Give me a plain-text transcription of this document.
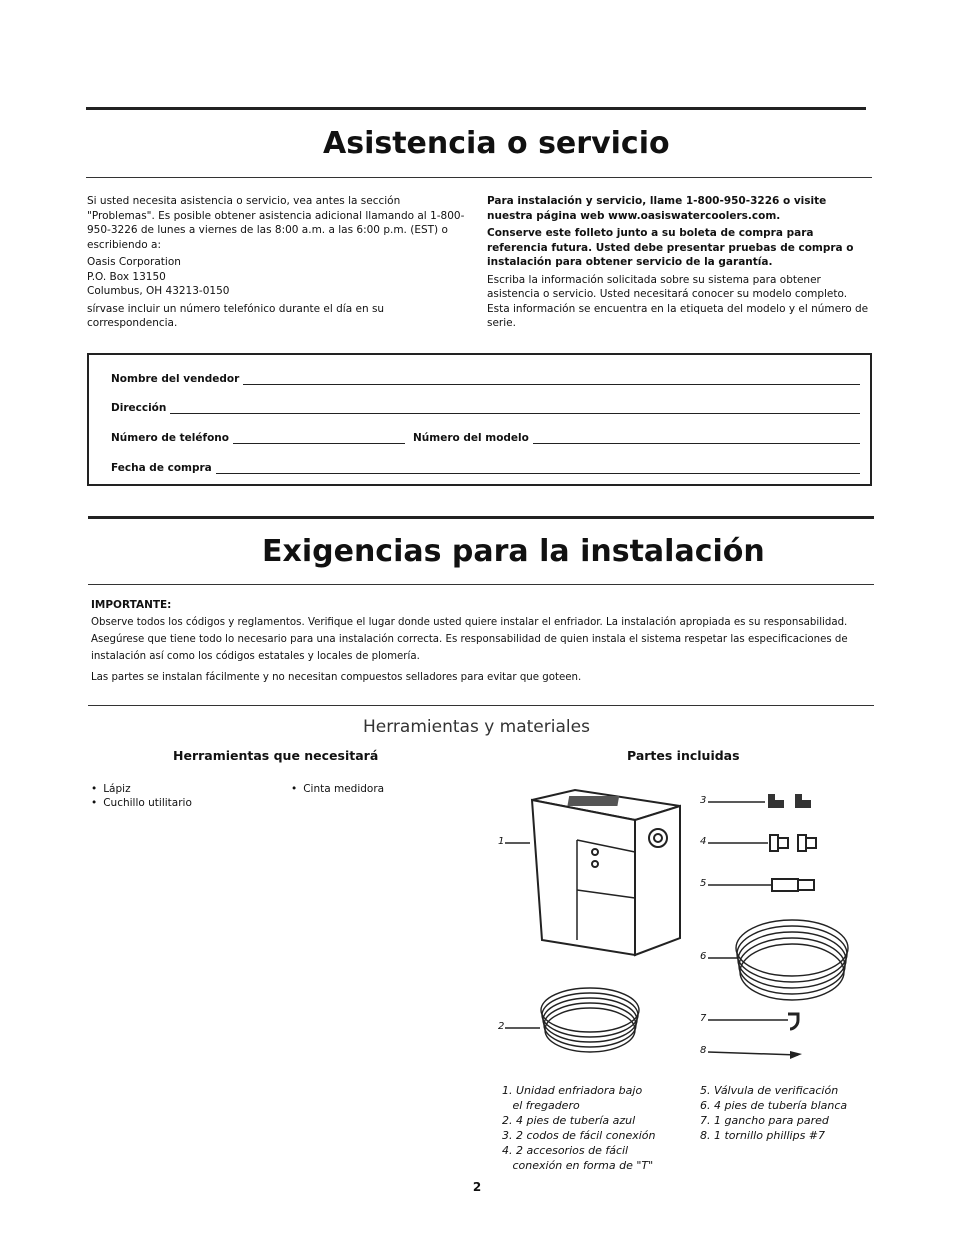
Asistencia o servicio

Si usted necesita asistencia o servicio, vea antes la sección "Problemas". Es posible obtener asistencia adicional llamando al 1-800-950-3226 de lunes a viernes de las 8:00 a.m. a las 6:00 p.m. (EST) o escribiendo a:

Oasis Corporation
P.O. Box 13150

Columbus, OH 43213-0150

sírvase incluir un número telefónico durante el día en su correspondencia.

Para instalación y servicio, llame 1-800-950-3226 o visite nuestra página web www.oasiswatercoolers.com.

Conserve este folleto junto a su boleta de compra para referencia futura. Usted debe presentar pruebas de compra o instalación para obtener servicio de la garantía.

Escriba la información solicitada sobre su sistema para obtener asistencia o servicio. Usted necesitará conocer su modelo completo. Esta información se encuentra en la etiqueta del modelo y el número de serie.

Nombre del vendedor
Dirección
Número de teléfono	Número del modelo
Fecha de compra
Exigencias para la instalación

IMPORTANTE:

Observe todos los códigos y reglamentos. Verifique el lugar donde usted quiere instalar el enfriador. La instalación apropiada es su responsabilidad. Asegúrese que tiene todo lo necesario para una instalación correcta. Es responsabilidad de quien instala el sistema respetar las especificaciones de instalación así como los códigos estatales y locales de plomería.

Las partes se instalan fácilmente y no necesitan compuestos selladores para evitar que goteen.

Herramientas y materiales
Herramientas que necesitará	Partes incluidas
• Lápiz
• Cuchillo utilitario
• Cinta medidora
1
2
3
4
5
6
7
8
1. Unidad enfriadora bajo
el fregadero
2. 4 pies de tubería azul
3. 2 codos de fácil conexión
4. 2 accesorios de fácil
conexión en forma de "T"
5. Válvula de verificación
6. 4 pies de tubería blanca
7. 1 gancho para pared
8. 1 tornillo phillips #7
2
